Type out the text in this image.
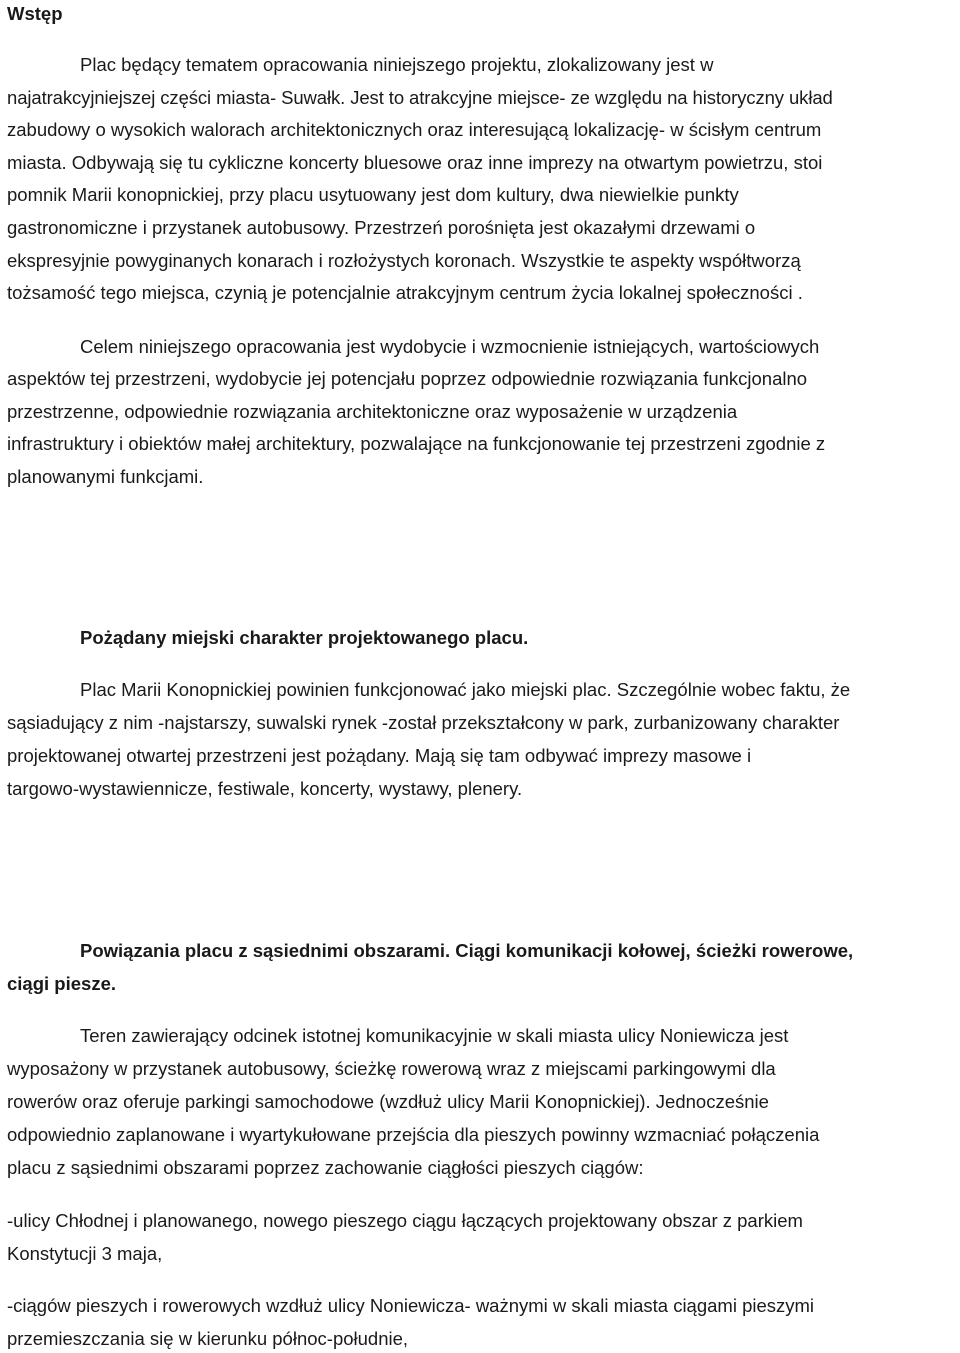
Wstęp
Plac będący tematem opracowania niniejszego projektu, zlokalizowany jest w
najatrakcyjniejszej części miasta- Suwałk. Jest to atrakcyjne miejsce- ze względu na historyczny układ
zabudowy o wysokich walorach architektonicznych oraz interesującą lokalizację- w ścisłym centrum
miasta. Odbywają się tu cykliczne koncerty bluesowe oraz inne imprezy na otwartym powietrzu, stoi
pomnik Marii konopnickiej, przy placu usytuowany jest dom kultury, dwa niewielkie punkty
gastronomiczne i przystanek autobusowy. Przestrzeń porośnięta jest okazałymi drzewami o
ekspresyjnie powyginanych konarach i rozłożystych koronach. Wszystkie te aspekty współtworzą
tożsamość tego miejsca, czynią je potencjalnie atrakcyjnym centrum życia lokalnej społeczności .
Celem niniejszego opracowania jest wydobycie i wzmocnienie istniejących, wartościowych
aspektów tej przestrzeni, wydobycie jej potencjału poprzez odpowiednie rozwiązania funkcjonalno
przestrzenne, odpowiednie rozwiązania architektoniczne oraz wyposażenie w urządzenia
infrastruktury i obiektów małej architektury, pozwalające na funkcjonowanie tej przestrzeni zgodnie z
planowanymi funkcjami.
Pożądany miejski charakter projektowanego placu.
Plac Marii Konopnickiej powinien funkcjonować jako miejski plac. Szczególnie wobec faktu, że
sąsiadujący z nim -najstarszy, suwalski rynek -został przekształcony w park, zurbanizowany charakter
projektowanej otwartej przestrzeni jest pożądany. Mają się tam odbywać imprezy masowe i
targowo-wystawiennicze, festiwale, koncerty, wystawy, plenery.
Powiązania placu z sąsiednimi obszarami. Ciągi komunikacji kołowej, ścieżki rowerowe,
ciągi piesze.
Teren zawierający odcinek istotnej komunikacyjnie w skali miasta ulicy Noniewicza jest
wyposażony w przystanek autobusowy, ścieżkę rowerową wraz z miejscami parkingowymi dla
rowerów oraz oferuje parkingi samochodowe (wzdłuż ulicy Marii Konopnickiej). Jednocześnie
odpowiednio zaplanowane i wyartykułowane przejścia dla pieszych powinny wzmacniać połączenia
placu z sąsiednimi obszarami poprzez zachowanie ciągłości pieszych ciągów:
-ulicy Chłodnej i planowanego, nowego pieszego ciągu łączących projektowany obszar z parkiem
Konstytucji 3 maja,
-ciągów pieszych i rowerowych wzdłuż ulicy Noniewicza- ważnymi w skali miasta ciągami pieszymi
przemieszczania się w kierunku północ-południe,
